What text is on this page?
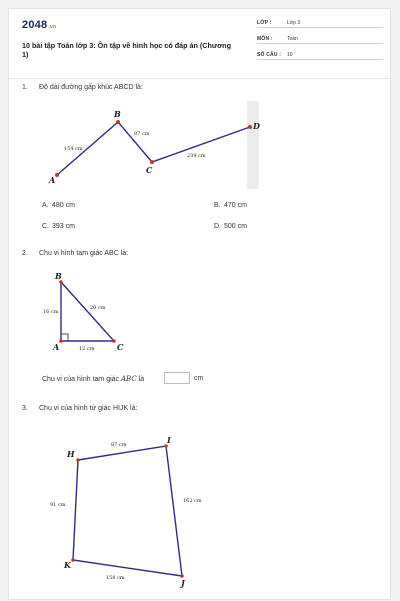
2048.vn
10 bài tập Toán lớp 3: Ôn tập về hình học có đáp án (Chương 1)
LỚP :	Lớp 3
MÔN :	Toán
SỐ CÂU : 10
1. Độ dài đường gấp khúc ABCD là:
A
B
C
D
154 cm
87 cm
239 cm
B
A	C
16 cm
20 cm
12 cm
H
I
J
K
87 cm
162 cm
158 cm
91 cm
A. 480 cm	B. 470 cm
C. 393 cm	D. 500 cm
2. Chu vi hình tam giác ABC là:
Chu vi của hình tam giác ABC là	cm
3. Chu vi của hình tứ giác HIJK là:
